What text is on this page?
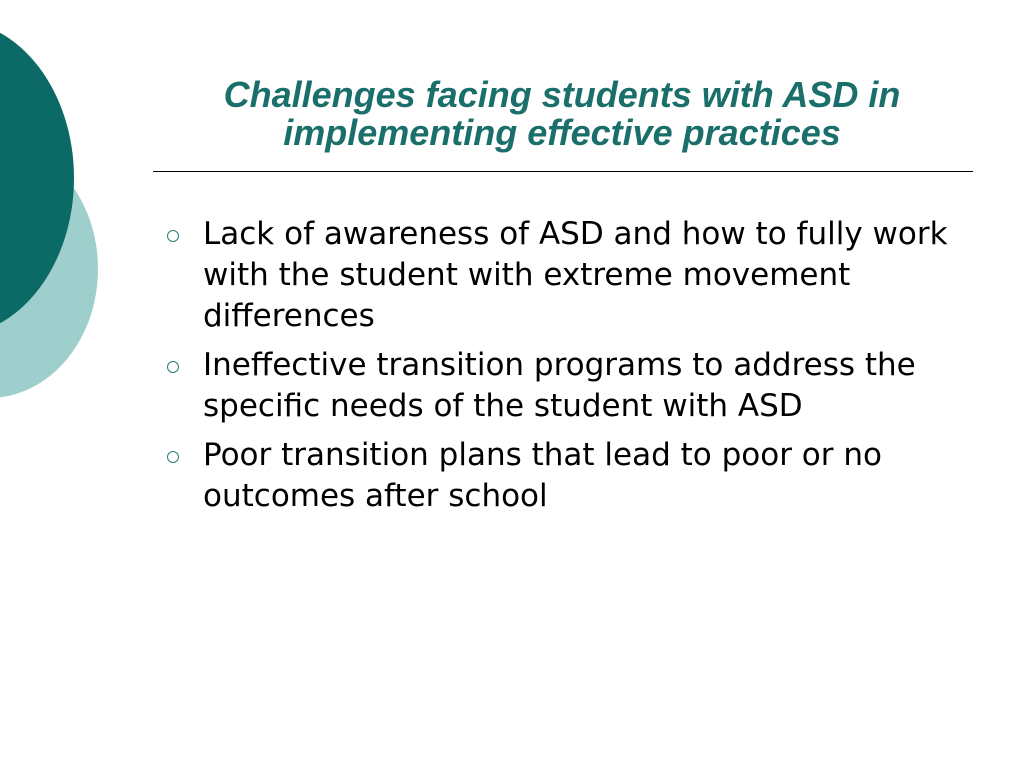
Challenges facing students with ASD in implementing effective practices
Lack of awareness of ASD and how to fully work with the student with extreme movement differences
Ineffective transition programs to address the specific needs of the student with ASD
Poor transition plans that lead to poor or no outcomes after school
